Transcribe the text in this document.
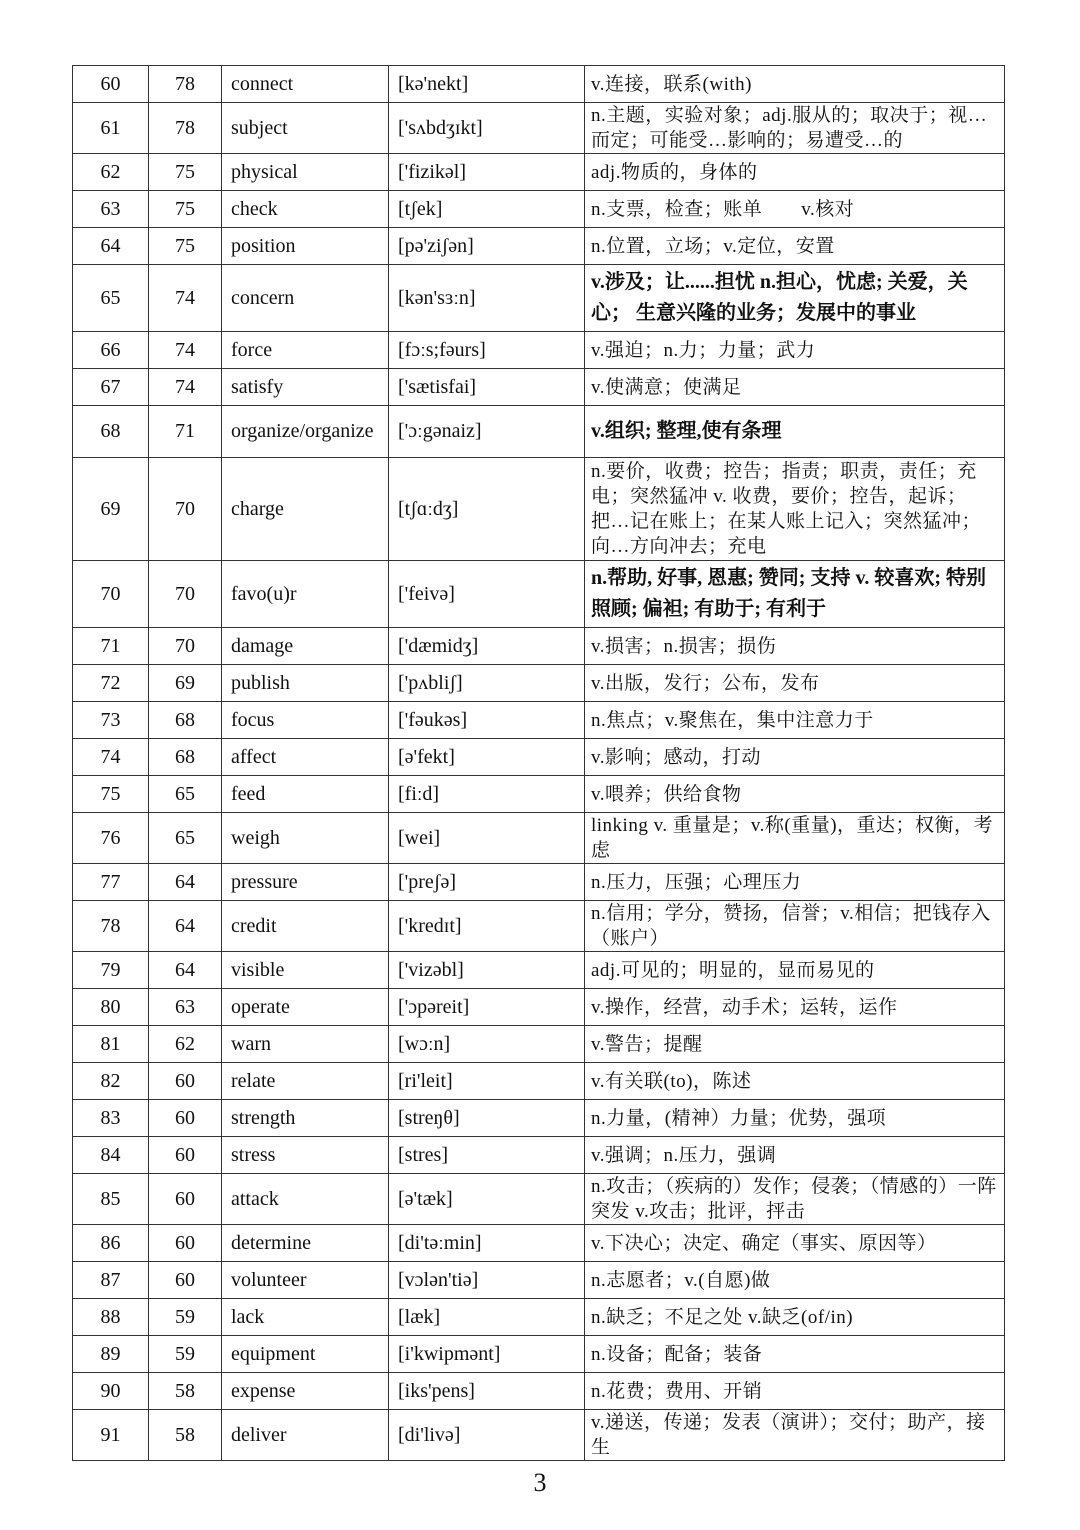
60	78	connect	[kə'nekt]	v.连接，联系(with)
61	78	subject	['sʌbdʒɪkt]	n.主题，实验对象；adj.服从的；取决于；视…而定；可能受…影响的；易遭受…的
62	75	physical	['fizikəl]	adj.物质的，身体的
63	75	check	[tʃek]	n.支票，检查；账单　　v.核对
64	75	position	[pə'ziʃən]	n.位置，立场；v.定位，安置
65	74	concern	[kən'sɜːn]	v.涉及；让......担忧 n.担心，忧虑; 关爱，关心； 生意兴隆的业务；发展中的事业
66	74	force	[fɔːs;fəurs]	v.强迫；n.力；力量；武力
67	74	satisfy	['sætisfai]	v.使满意；使满足
68	71	organize/organize	['ɔːgənaiz]	v.组织; 整理,使有条理
69	70	charge	[tʃɑːdʒ]	n.要价，收费；控告；指责；职责，责任；充电；突然猛冲 v. 收费，要价；控告，起诉；把…记在账上；在某人账上记入；突然猛冲；向…方向冲去；充电
70	70	favo(u)r	['feivə]	n.帮助, 好事, 恩惠; 赞同; 支持 v. 较喜欢; 特别照顾; 偏袒; 有助于; 有利于
71	70	damage	['dæmidʒ]	v.损害；n.损害；损伤
72	69	publish	['pʌbliʃ]	v.出版，发行；公布，发布
73	68	focus	['fəukəs]	n.焦点；v.聚焦在，集中注意力于
74	68	affect	[ə'fekt]	v.影响；感动，打动
75	65	feed	[fiːd]	v.喂养；供给食物
76	65	weigh	[wei]	linking v. 重量是；v.称(重量)，重达；权衡，考虑
77	64	pressure	['preʃə]	n.压力，压强；心理压力
78	64	credit	['kredɪt]	n.信用；学分，赞扬，信誉；v.相信；把钱存入（账户）
79	64	visible	['vizəbl]	adj.可见的；明显的，显而易见的
80	63	operate	['ɔpəreit]	v.操作，经营，动手术；运转，运作
81	62	warn	[wɔːn]	v.警告；提醒
82	60	relate	[ri'leit]	v.有关联(to)，陈述
83	60	strength	[streŋθ]	n.力量，(精神）力量；优势，强项
84	60	stress	[stres]	v.强调；n.压力，强调
85	60	attack	[ə'tæk]	n.攻击；（疾病的）发作；侵袭；（情感的）一阵突发 v.攻击；批评，抨击
86	60	determine	[di'təːmin]	v.下决心；决定、确定（事实、原因等）
87	60	volunteer	[vɔlən'tiə]	n.志愿者；v.(自愿)做
88	59	lack	[læk]	n.缺乏；不足之处 v.缺乏(of/in)
89	59	equipment	[i'kwipmənt]	n.设备；配备；装备
90	58	expense	[iks'pens]	n.花费；费用、开销
91	58	deliver	[di'livə]	v.递送，传递；发表（演讲）；交付；助产，接生
3
